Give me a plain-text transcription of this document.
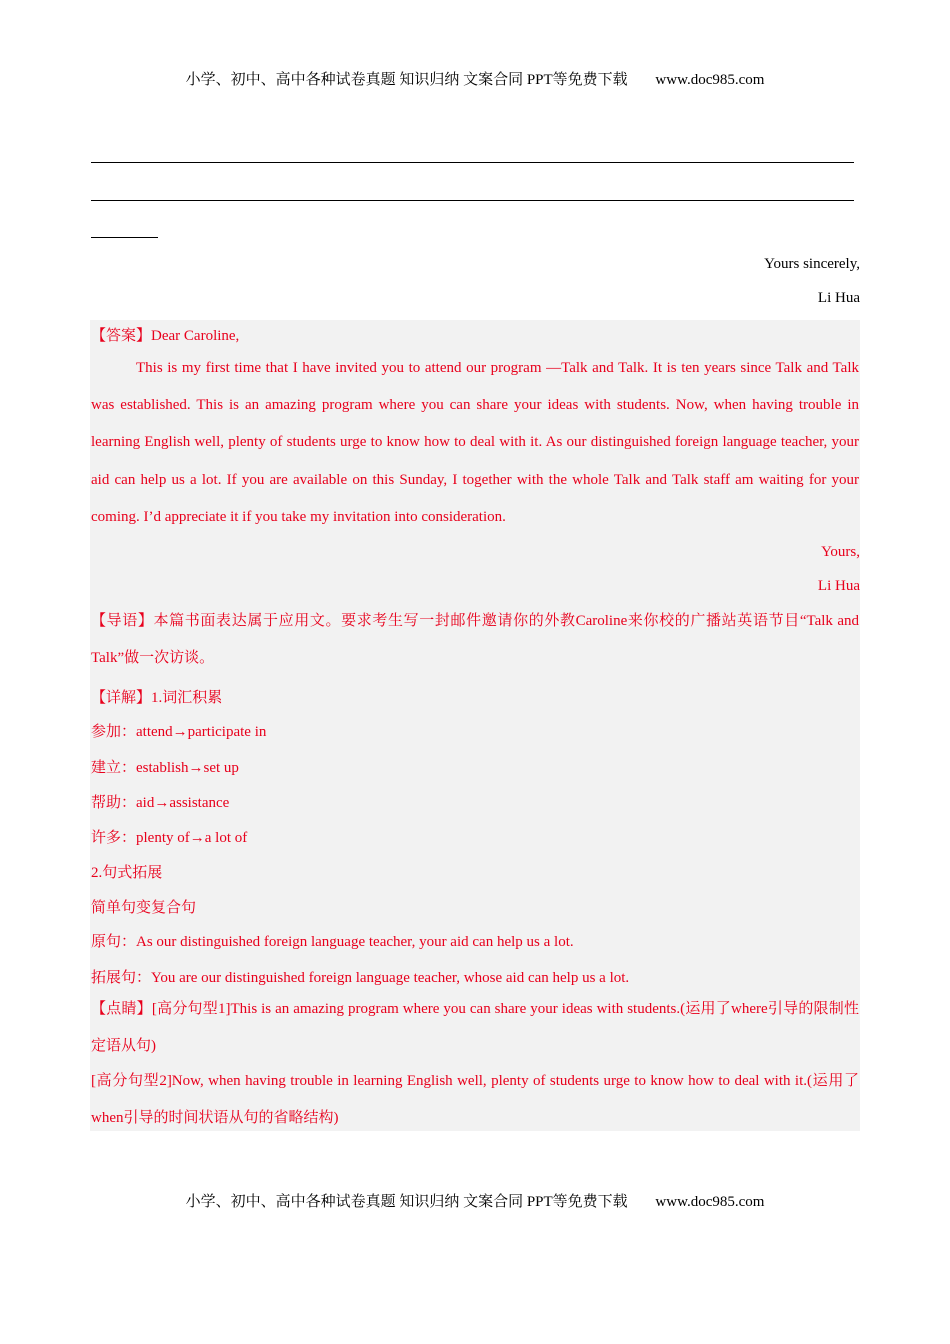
小学、初中、高中各种试卷真题 知识归纳 文案合同 PPT等免费下载 www.doc985.com
Yours sincerely,
Li Hua
【答案】Dear Caroline,
This is my first time that I have invited you to attend our program —Talk and Talk. It is ten years since Talk and Talk was established. This is an amazing program where you can share your ideas with students. Now, when having trouble in learning English well, plenty of students urge to know how to deal with it. As our distinguished foreign language teacher, your aid can help us a lot. If you are available on this Sunday, I together with the whole Talk and Talk staff am waiting for your coming. I’d appreciate it if you take my invitation into consideration.
Yours,
Li Hua
【导语】本篇书面表达属于应用文。要求考生写一封邮件邀请你的外教Caroline来你校的广播站英语节目“Talk and Talk”做一次访谈。
【详解】1.词汇积累
参加：attend→participate in
建立：establish→set up
帮助：aid→assistance
许多：plenty of→a lot of
2.句式拓展
简单句变复合句
原句：As our distinguished foreign language teacher, your aid can help us a lot.
拓展句：You are our distinguished foreign language teacher, whose aid can help us a lot.
【点睛】[高分句型1]This is an amazing program where you can share your ideas with students.(运用了where引导的限制性定语从句)
[高分句型2]Now, when having trouble in learning English well, plenty of students urge to know how to deal with it.(运用了when引导的时间状语从句的省略结构)
小学、初中、高中各种试卷真题 知识归纳 文案合同 PPT等免费下载 www.doc985.com
